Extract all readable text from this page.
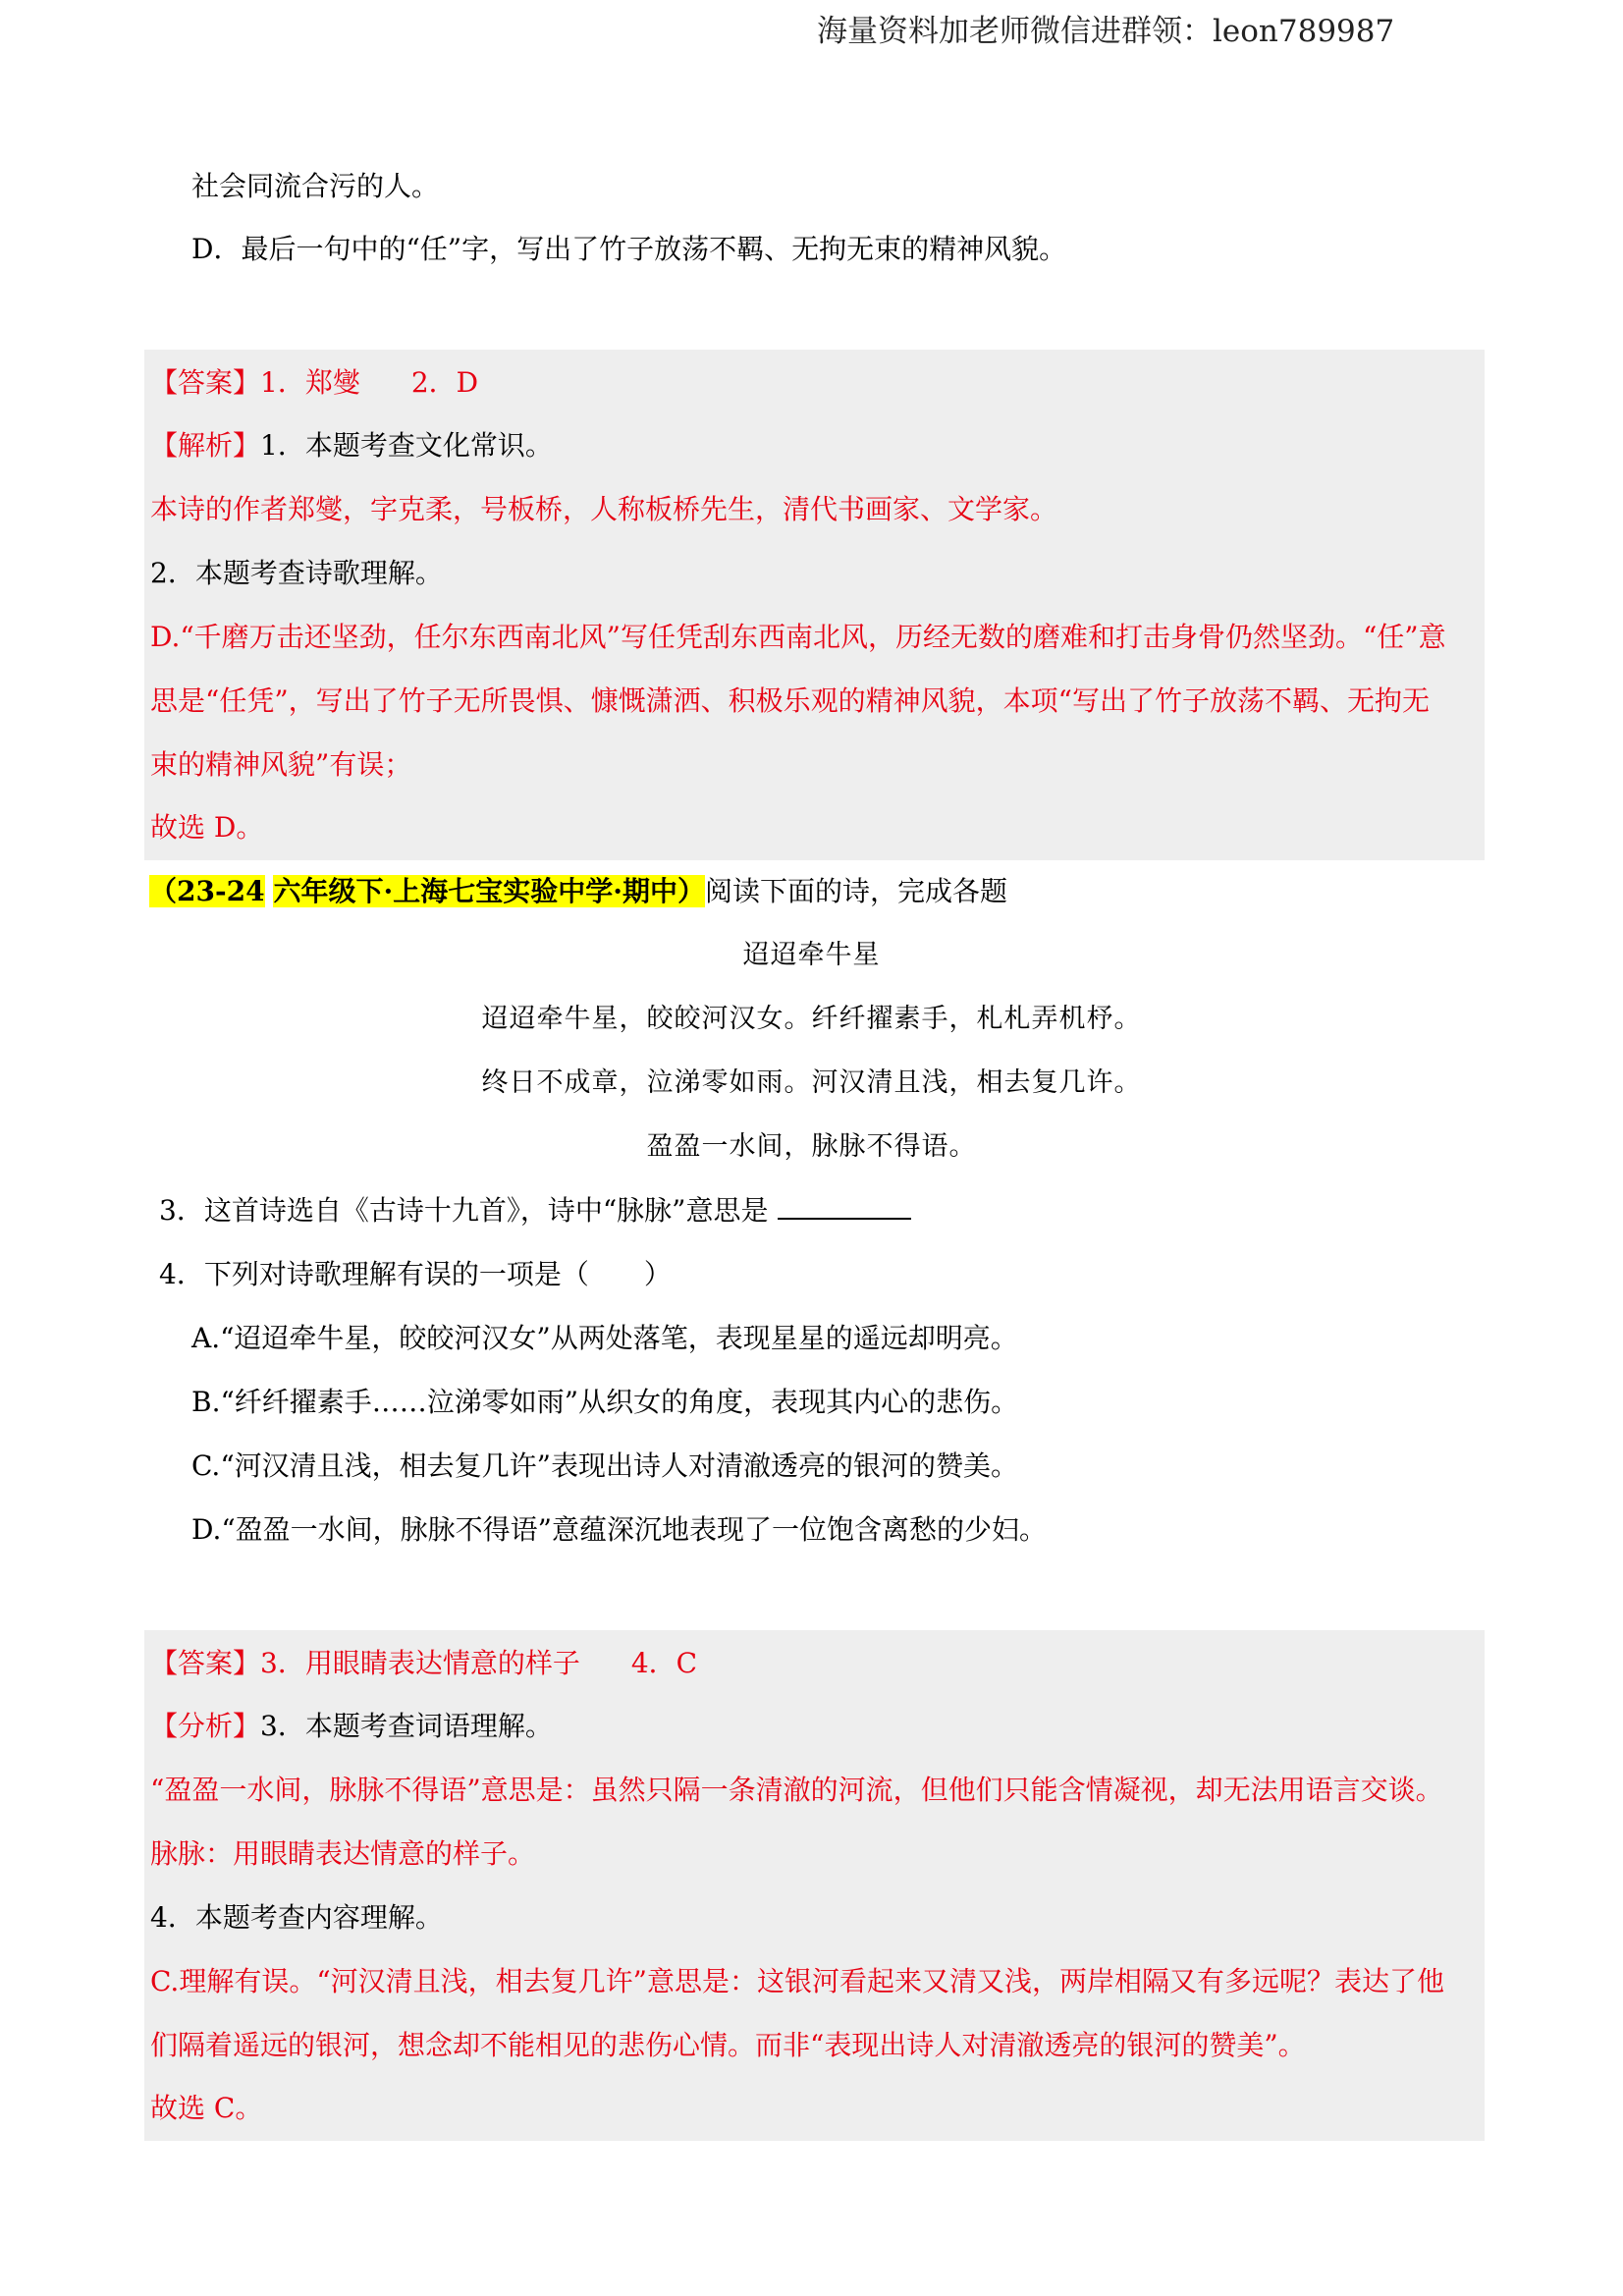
海量资料加老师微信进群领：leon789987
社会同流合污的人。
D．最后一句中的“任”字，写出了竹子放荡不羁、无拘无束的精神风貌。
【答案】1．郑燮 2．D
【解析】1．本题考查文化常识。
本诗的作者郑燮，字克柔，号板桥，人称板桥先生，清代书画家、文学家。
2．本题考查诗歌理解。
D.“千磨万击还坚劲，任尔东西南北风”写任凭刮东西南北风，历经无数的磨难和打击身骨仍然坚劲。“任”意
思是“任凭”，写出了竹子无所畏惧、慷慨潇洒、积极乐观的精神风貌，本项“写出了竹子放荡不羁、无拘无
束的精神风貌”有误；
故选 D。
（23-24 六年级下·上海七宝实验中学·期中）阅读下面的诗，完成各题
迢迢牵牛星
迢迢牵牛星，皎皎河汉女。纤纤擢素手，札札弄机杼。
终日不成章，泣涕零如雨。河汉清且浅，相去复几许。
盈盈一水间，脉脉不得语。
3．这首诗选自《古诗十九首》，诗中“脉脉”意思是
4．下列对诗歌理解有误的一项是（　　）
A.“迢迢牵牛星，皎皎河汉女”从两处落笔，表现星星的遥远却明亮。
B.“纤纤擢素手……泣涕零如雨”从织女的角度，表现其内心的悲伤。
C.“河汉清且浅，相去复几许”表现出诗人对清澈透亮的银河的赞美。
D.“盈盈一水间，脉脉不得语”意蕴深沉地表现了一位饱含离愁的少妇。
【答案】3．用眼睛表达情意的样子 4．C
【分析】3．本题考查词语理解。
“盈盈一水间，脉脉不得语”意思是：虽然只隔一条清澈的河流，但他们只能含情凝视，却无法用语言交谈。
脉脉：用眼睛表达情意的样子。
4．本题考查内容理解。
C.理解有误。“河汉清且浅，相去复几许”意思是：这银河看起来又清又浅，两岸相隔又有多远呢？表达了他
们隔着遥远的银河，想念却不能相见的悲伤心情。而非“表现出诗人对清澈透亮的银河的赞美”。
故选 C。
